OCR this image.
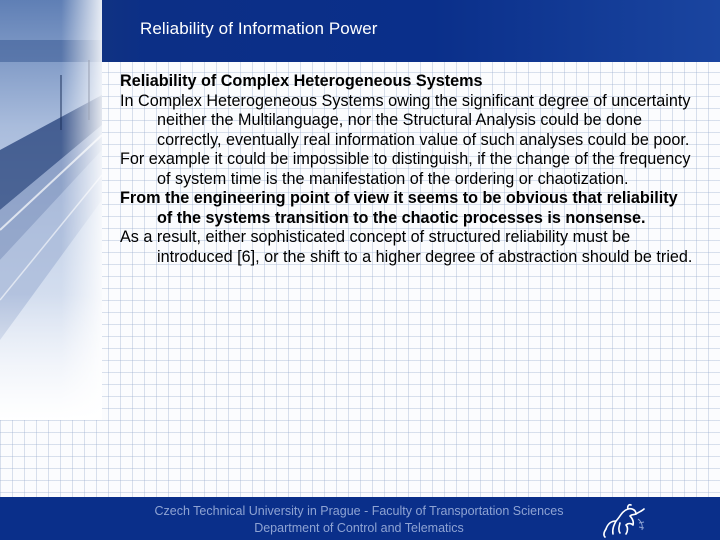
Reliability of Information Power

Reliability of Complex Heterogeneous Systems

In Complex Heterogeneous Systems owing the significant degree of uncertainty neither the Multilanguage, nor the Structural Analysis could be done correctly, eventually real information value of such analyses could be poor.

For example it could be impossible to distinguish, if the change of the frequency of system time is the manifestation of the ordering or chaotization.

From the engineering point of view it seems to be obvious that reliability of the systems transition to the chaotic processes is nonsense.

As a result, either sophisticated concept of structured reliability must be introduced [6], or the shift to a higher degree of abstraction should be tried.

Czech Technical University in Prague - Faculty of Transportation Sciences
Department of Control and Telematics
